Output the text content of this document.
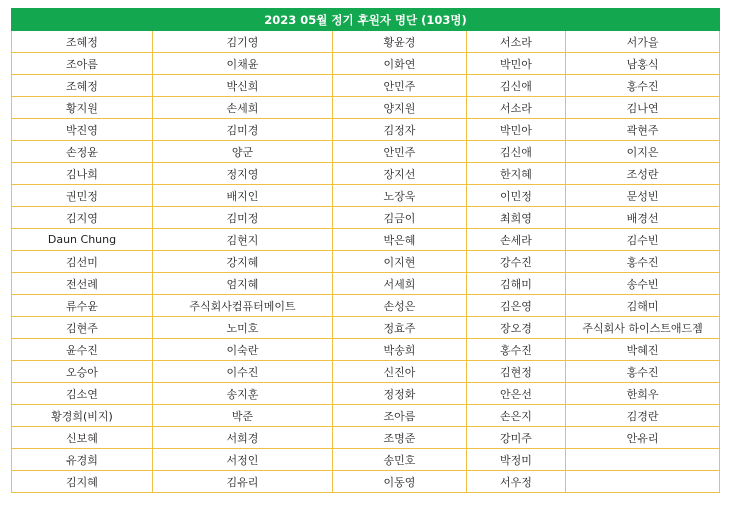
2023 05월 정기 후원자 명단 (103명)				
조혜정	김기영	황윤경	서소라	서가을
조아름	이채윤	이화연	박민아	남홍식
조혜정	박신희	안민주	김신애	홍수진
황지원	손세희	양지원	서소라	김나연
박진영	김미경	김정자	박민아	곽현주
손정윤	양군	안민주	김신애	이지은
김나희	정지영	장지선	한지혜	조성란
권민정	배지인	노장욱	이민정	문성빈
김지영	김미정	김금이	최희영	배경선
Daun Chung	김현지	박은혜	손세라	김수빈
김선미	강지혜	이지현	강수진	홍수진
전선례	엄지혜	서세희	김해미	송수빈
류수윤	주식회사컴퓨터메이트	손성은	김은영	김해미
김현주	노미호	정효주	장오경	주식회사 하이스트애드젬
윤수진	이숙란	박송희	홍수진	박혜진
오승아	이수진	신진아	김현정	홍수진
김소연	송지훈	정정화	안은선	한희우
황경희(비지)	박준	조아름	손은지	김경란
신보혜	서희경	조명준	강미주	안유리
유경희	서정인	송민호	박정미	
김지혜	김유리	이동영	서우정	
